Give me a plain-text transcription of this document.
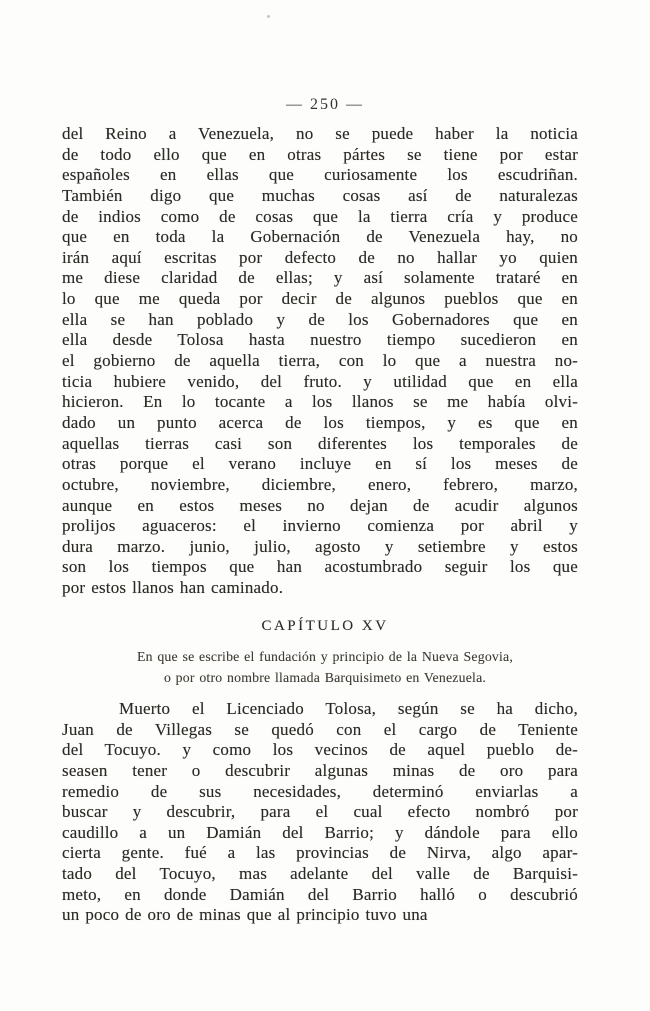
— 250 —
del Reino a Venezuela, no se puede haber la noticia
de todo ello que en otras pártes se tiene por estar
españoles en ellas que curiosamente los escudriñan.
También digo que muchas cosas así de naturalezas
de indios como de cosas que la tierra cría y produce
que en toda la Gobernación de Venezuela hay, no
irán aquí escritas por defecto de no hallar yo quien
me diese claridad de ellas; y así solamente trataré en
lo que me queda por decir de algunos pueblos que en
ella se han poblado y de los Gobernadores que en
ella desde Tolosa hasta nuestro tiempo sucedieron en
el gobierno de aquella tierra, con lo que a nuestra no-
ticia hubiere venido, del fruto. y utilidad que en ella
hicieron. En lo tocante a los llanos se me había olvi-
dado un punto acerca de los tiempos, y es que en
aquellas tierras casi son diferentes los temporales de
otras porque el verano incluye en sí los meses de
octubre, noviembre, diciembre, enero, febrero, marzo,
aunque en estos meses no dejan de acudir algunos
prolijos aguaceros: el invierno comienza por abril y
dura marzo. junio, julio, agosto y setiembre y estos
son los tiempos que han acostumbrado seguir los que
por estos llanos han caminado.
CAPÍTULO XV
En que se escribe el fundación y principio de la Nueva Segovia,
o por otro nombre llamada Barquisimeto en Venezuela.
Muerto el Licenciado Tolosa, según se ha dicho,
Juan de Villegas se quedó con el cargo de Teniente
del Tocuyo. y como los vecinos de aquel pueblo de-
seasen tener o descubrir algunas minas de oro para
remedio de sus necesidades, determinó enviarlas a
buscar y descubrir, para el cual efecto nombró por
caudillo a un Damián del Barrio; y dándole para ello
cierta gente. fué a las provincias de Nirva, algo apar-
tado del Tocuyo, mas adelante del valle de Barquisi-
meto, en donde Damián del Barrio halló o descubrió
un poco de oro de minas que al principio tuvo una
